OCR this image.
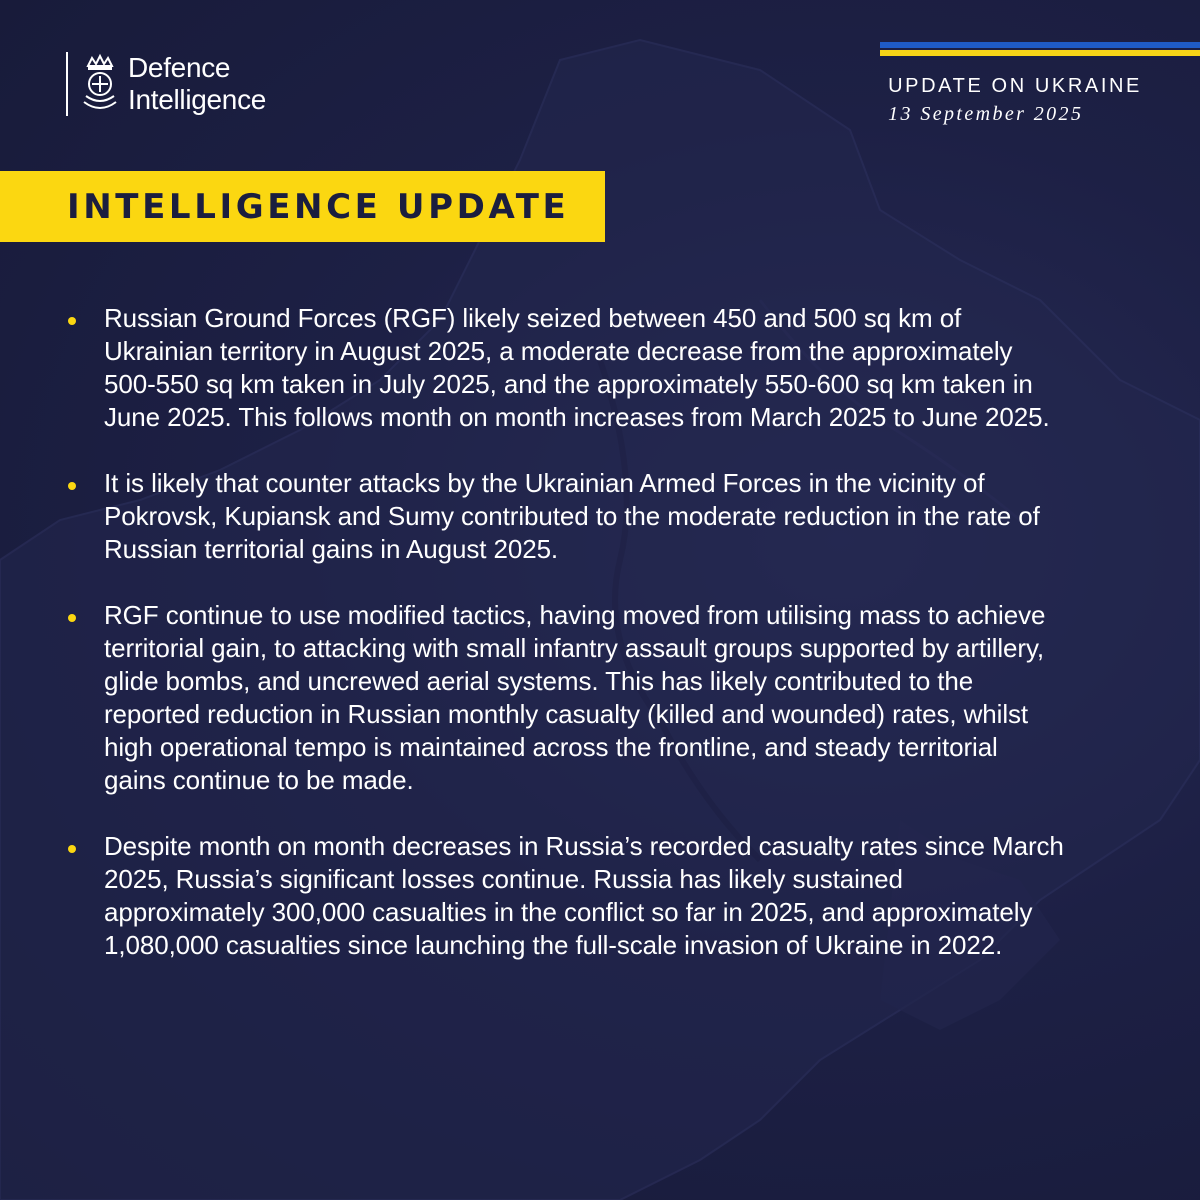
Defence
Intelligence	UPDATE ON UKRAINE
13 September 2025
INTELLIGENCE UPDATE
Russian Ground Forces (RGF) likely seized between 450 and 500 sq km of Ukrainian territory in August 2025, a moderate decrease from the approximately 500-550 sq km taken in July 2025, and the approximately 550-600 sq km taken in June 2025. This follows month on month increases from March 2025 to June 2025.
It is likely that counter attacks by the Ukrainian Armed Forces in the vicinity of Pokrovsk, Kupiansk and Sumy contributed to the moderate reduction in the rate of Russian territorial gains in August 2025.
RGF continue to use modified tactics, having moved from utilising mass to achieve territorial gain, to attacking with small infantry assault groups supported by artillery, glide bombs, and uncrewed aerial systems. This has likely contributed to the reported reduction in Russian monthly casualty (killed and wounded) rates, whilst high operational tempo is maintained across the frontline, and steady territorial gains continue to be made.
Despite month on month decreases in Russia’s recorded casualty rates since March 2025, Russia’s significant losses continue. Russia has likely sustained approximately 300,000 casualties in the conflict so far in 2025, and approximately 1,080,000 casualties since launching the full-scale invasion of Ukraine in 2022.
